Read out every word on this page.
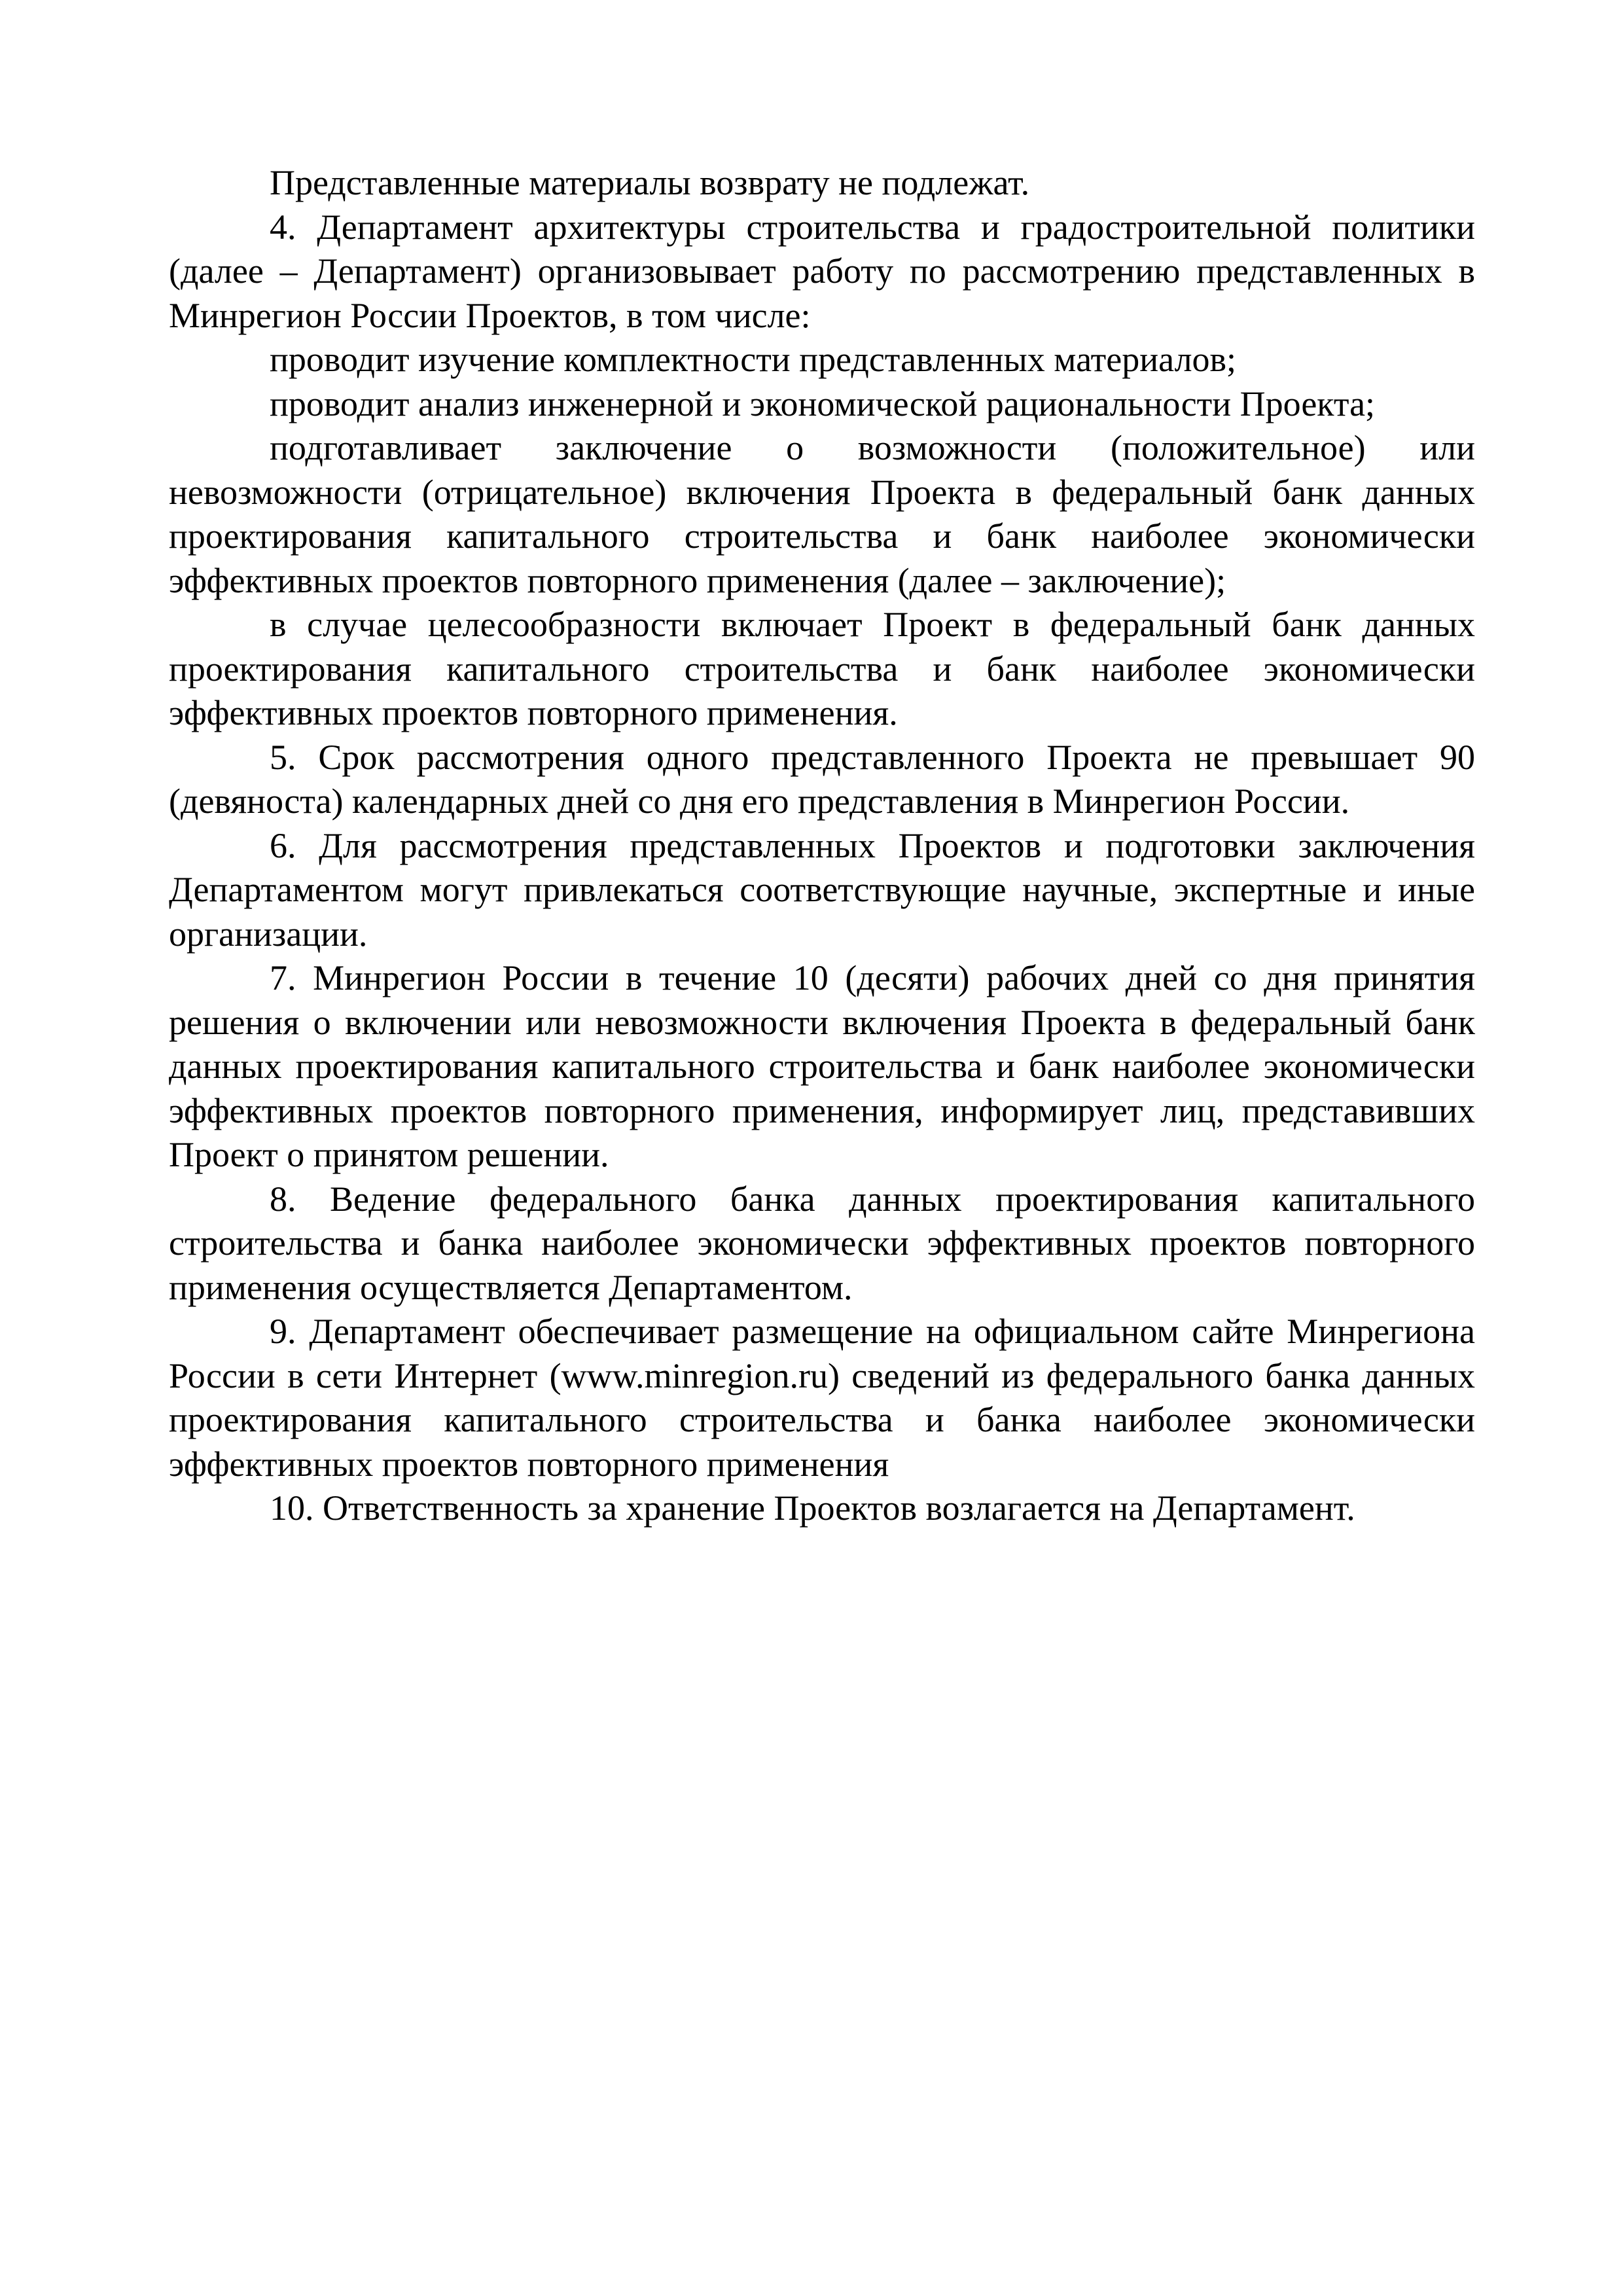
Представленные материалы возврату не подлежат.

4. Департамент архитектуры строительства и градостроительной политики (далее – Департамент) организовывает работу по рассмотрению представленных в Минрегион России Проектов, в том числе:

проводит изучение комплектности представленных материалов;

проводит анализ инженерной и экономической рациональности Проекта;

подготавливает заключение о возможности (положительное) или невозможности (отрицательное) включения Проекта в федеральный банк данных проектирования капитального строительства и банк наиболее экономически эффективных проектов повторного применения (далее – заключение);

в случае целесообразности включает Проект в федеральный банк данных проектирования капитального строительства и банк наиболее экономически эффективных проектов повторного применения.

5. Срок рассмотрения одного представленного Проекта не превышает 90 (девяноста) календарных дней со дня его представления в Минрегион России.

6. Для рассмотрения представленных Проектов и подготовки заключения Департаментом могут привлекаться соответствующие научные, экспертные и иные организации.

7. Минрегион России в течение 10 (десяти) рабочих дней со дня принятия решения о включении или невозможности включения Проекта в федеральный банк данных проектирования капитального строительства и банк наиболее экономически эффективных проектов повторного применения, информирует лиц, представивших Проект о принятом решении.

8. Ведение федерального банка данных проектирования капитального строительства и банка наиболее экономически эффективных проектов повторного применения осуществляется Департаментом.

9. Департамент обеспечивает размещение на официальном сайте Минрегиона России в сети Интернет (www.minregion.ru) сведений из федерального банка данных проектирования капитального строительства и банка наиболее экономически эффективных проектов повторного применения

10. Ответственность за хранение Проектов возлагается на Департамент.
